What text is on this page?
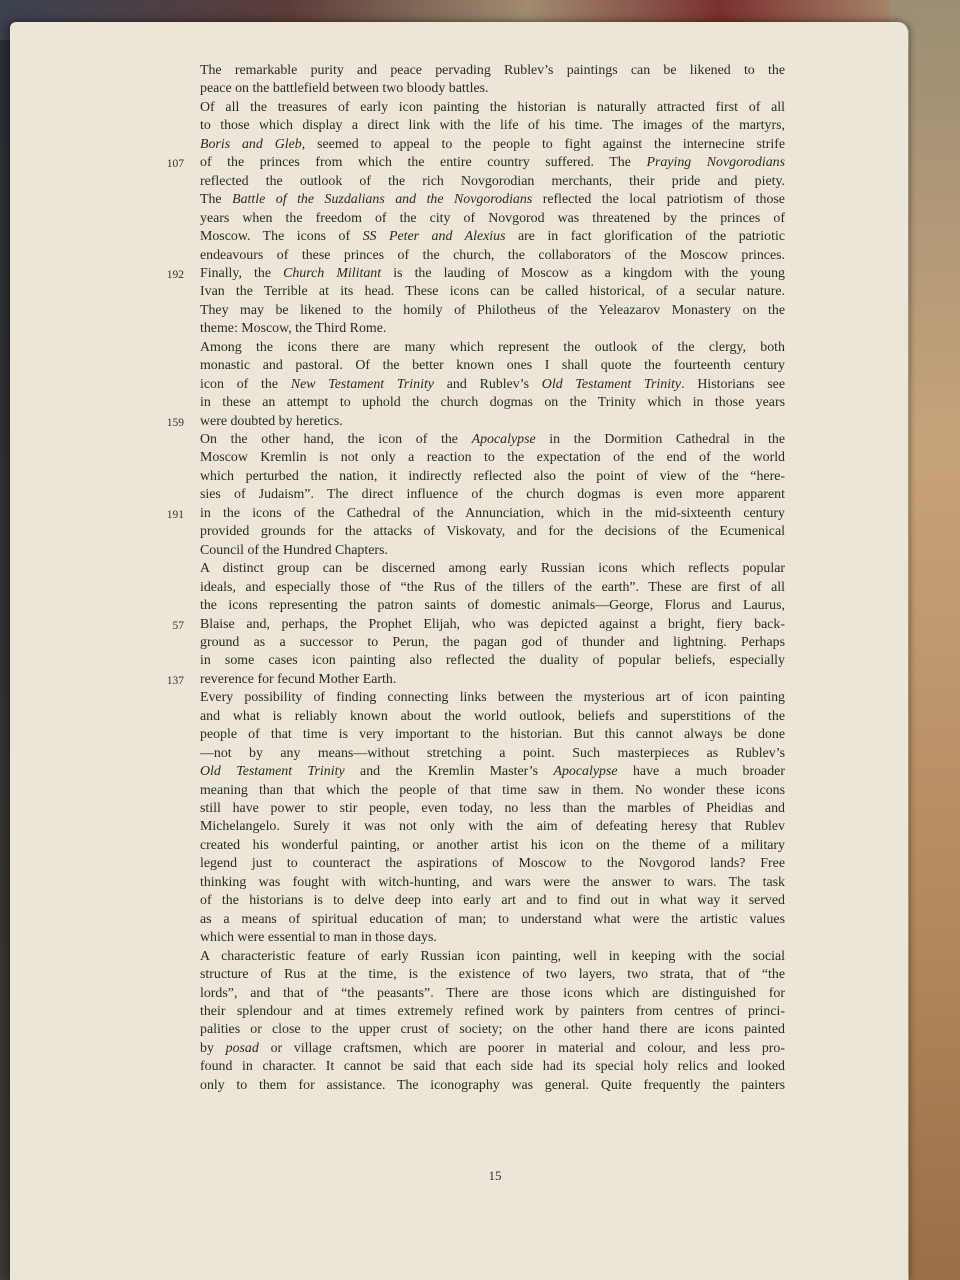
The remarkable purity and peace pervading Rublev’s paintings can be likened to the
peace on the battlefield between two bloody battles.
Of all the treasures of early icon painting the historian is naturally attracted first of all
to those which display a direct link with the life of his time. The images of the martyrs,
Boris and Gleb, seemed to appeal to the people to fight against the internecine strife
of the princes from which the entire country suffered. The Praying Novgorodians
107
reflected the outlook of the rich Novgorodian merchants, their pride and piety.
The Battle of the Suzdalians and the Novgorodians reflected the local patriotism of those
years when the freedom of the city of Novgorod was threatened by the princes of
Moscow. The icons of SS Peter and Alexius are in fact glorification of the patriotic
endeavours of these princes of the church, the collaborators of the Moscow princes.
Finally, the Church Militant is the lauding of Moscow as a kingdom with the young
192
Ivan the Terrible at its head. These icons can be called historical, of a secular nature.
They may be likened to the homily of Philotheus of the Yeleazarov Monastery on the
theme: Moscow, the Third Rome.
Among the icons there are many which represent the outlook of the clergy, both
monastic and pastoral. Of the better known ones I shall quote the fourteenth century
icon of the New Testament Trinity and Rublev’s Old Testament Trinity. Historians see
in these an attempt to uphold the church dogmas on the Trinity which in those years
were doubted by heretics.
159
On the other hand, the icon of the Apocalypse in the Dormition Cathedral in the
Moscow Kremlin is not only a reaction to the expectation of the end of the world
which perturbed the nation, it indirectly reflected also the point of view of the “here-
sies of Judaism”. The direct influence of the church dogmas is even more apparent
in the icons of the Cathedral of the Annunciation, which in the mid-sixteenth century
191
provided grounds for the attacks of Viskovaty, and for the decisions of the Ecumenical
Council of the Hundred Chapters.
A distinct group can be discerned among early Russian icons which reflects popular
ideals, and especially those of “the Rus of the tillers of the earth”. These are first of all
the icons representing the patron saints of domestic animals—George, Florus and Laurus,
Blaise and, perhaps, the Prophet Elijah, who was depicted against a bright, fiery back-
57
ground as a successor to Perun, the pagan god of thunder and lightning. Perhaps
in some cases icon painting also reflected the duality of popular beliefs, especially
reverence for fecund Mother Earth.
137
Every possibility of finding connecting links between the mysterious art of icon painting
and what is reliably known about the world outlook, beliefs and superstitions of the
people of that time is very important to the historian. But this cannot always be done
—not by any means—without stretching a point. Such masterpieces as Rublev’s
Old Testament Trinity and the Kremlin Master’s Apocalypse have a much broader
meaning than that which the people of that time saw in them. No wonder these icons
still have power to stir people, even today, no less than the marbles of Pheidias and
Michelangelo. Surely it was not only with the aim of defeating heresy that Rublev
created his wonderful painting, or another artist his icon on the theme of a military
legend just to counteract the aspirations of Moscow to the Novgorod lands? Free
thinking was fought with witch-hunting, and wars were the answer to wars. The task
of the historians is to delve deep into early art and to find out in what way it served
as a means of spiritual education of man; to understand what were the artistic values
which were essential to man in those days.
A characteristic feature of early Russian icon painting, well in keeping with the social
structure of Rus at the time, is the existence of two layers, two strata, that of “the
lords”, and that of “the peasants”. There are those icons which are distinguished for
their splendour and at times extremely refined work by painters from centres of princi-
palities or close to the upper crust of society; on the other hand there are icons painted
by posad or village craftsmen, which are poorer in material and colour, and less pro-
found in character. It cannot be said that each side had its special holy relics and looked
only to them for assistance. The iconography was general. Quite frequently the painters
15
